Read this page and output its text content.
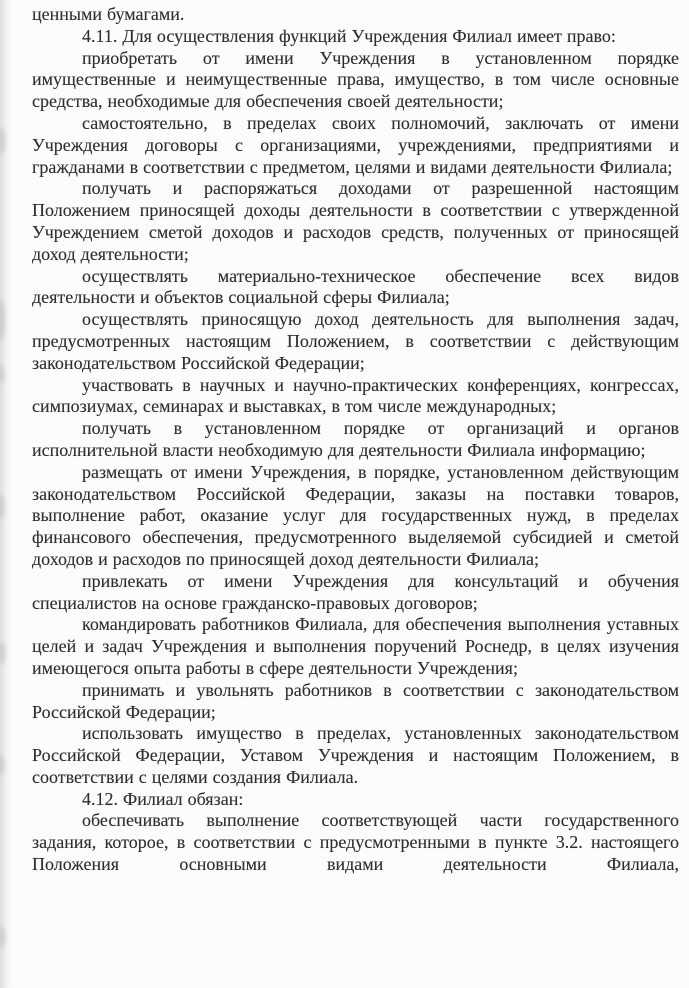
ценными бумагами.

4.11. Для осуществления функций Учреждения Филиал имеет право:

приобретать от имени Учреждения в установленном порядке имущественные и неимущественные права, имущество, в том числе основные средства, необходимые для обеспечения своей деятельности;

самостоятельно, в пределах своих полномочий, заключать от имени Учреждения договоры с организациями, учреждениями, предприятиями и гражданами в соответствии с предметом, целями и видами деятельности Филиала;

получать и распоряжаться доходами от разрешенной настоящим Положением приносящей доходы деятельности в соответствии с утвержденной Учреждением сметой доходов и расходов средств, полученных от приносящей доход деятельности;

осуществлять материально-техническое обеспечение всех видов деятельности и объектов социальной сферы Филиала;

осуществлять приносящую доход деятельность для выполнения задач, предусмотренных настоящим Положением, в соответствии с действующим законодательством Российской Федерации;

участвовать в научных и научно-практических конференциях, конгрессах, симпозиумах, семинарах и выставках, в том числе международных;

получать в установленном порядке от организаций и органов исполнительной власти необходимую для деятельности Филиала информацию;

размещать от имени Учреждения, в порядке, установленном действующим законодательством Российской Федерации, заказы на поставки товаров, выполнение работ, оказание услуг для государственных нужд, в пределах финансового обеспечения, предусмотренного выделяемой субсидией и сметой доходов и расходов по приносящей доход деятельности Филиала;

привлекать от имени Учреждения для консультаций и обучения специалистов на основе гражданско-правовых договоров;

командировать работников Филиала, для обеспечения выполнения уставных целей и задач Учреждения и выполнения поручений Роснедр, в целях изучения имеющегося опыта работы в сфере деятельности Учреждения;

принимать и увольнять работников в соответствии с законодательством Российской Федерации;

использовать имущество в пределах, установленных законодательством Российской Федерации, Уставом Учреждения и настоящим Положением, в соответствии с целями создания Филиала.

4.12. Филиал обязан:

обеспечивать выполнение соответствующей части государственного задания, которое, в соответствии с предусмотренными в пункте 3.2. настоящего Положения основными видами деятельности Филиала,
